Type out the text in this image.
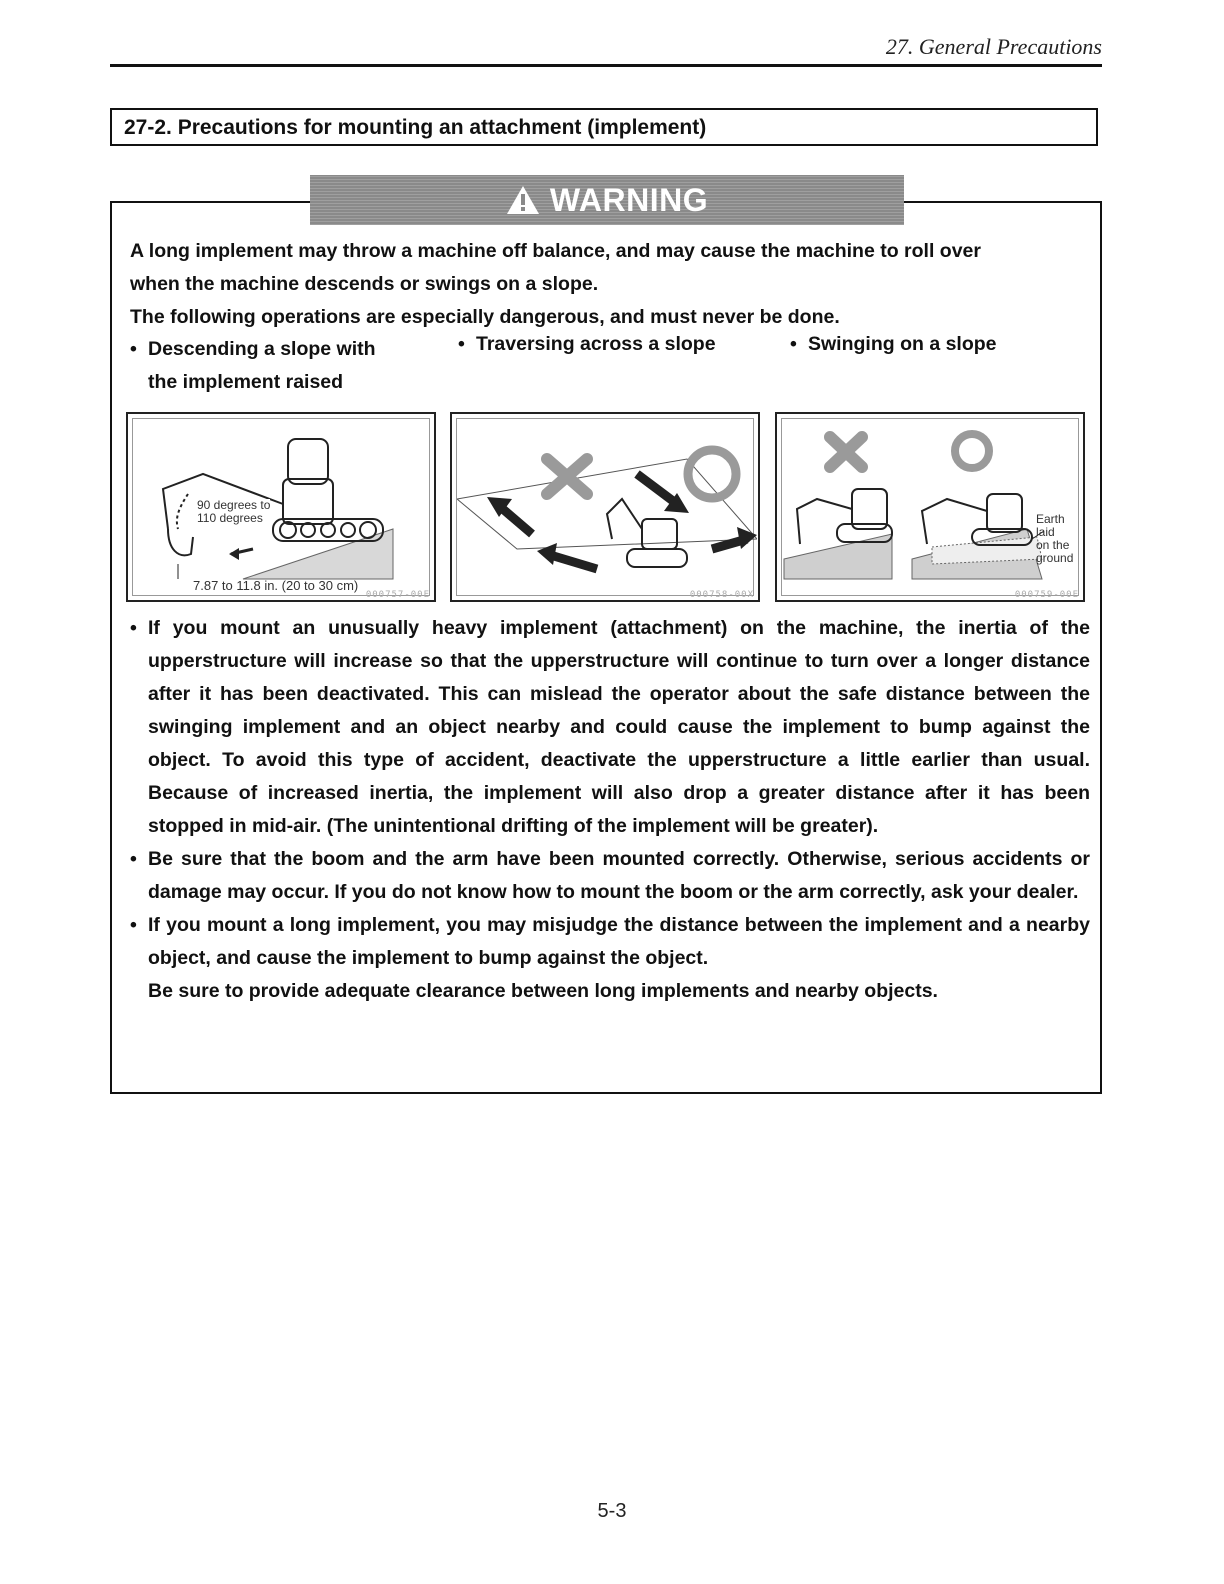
27. General Precautions
27-2. Precautions for mounting an attachment (implement)
WARNING
A long implement may throw a machine off balance, and may cause the machine to roll over
when the machine descends or swings on a slope.
The following operations are especially dangerous, and must never be done.
• Descending a slope with
the implement raised
• Traversing across a slope	• Swinging on a slope
90 degrees to
110 degrees
7.87 to 11.8 in. (20 to 30 cm)
000757-00E	000758-00X
Earth laid
on the
ground
000759-00E
• If you mount an unusually heavy implement (attachment) on the machine, the inertia of the upperstructure will increase so that the upperstructure will continue to turn over a longer distance after it has been deactivated. This can mislead the operator about the safe distance between the swinging implement and an object nearby and could cause the implement to bump against the object. To avoid this type of accident, deactivate the upperstructure a little earlier than usual. Because of increased inertia, the implement will also drop a greater distance after it has been stopped in mid-air. (The unintentional drifting of the implement will be greater).
• Be sure that the boom and the arm have been mounted correctly. Otherwise, serious accidents or damage may occur. If you do not know how to mount the boom or the arm correctly, ask your dealer.
• If you mount a long implement, you may misjudge the distance between the implement and a nearby object, and cause the implement to bump against the object.
Be sure to provide adequate clearance between long implements and nearby objects.
5-3
